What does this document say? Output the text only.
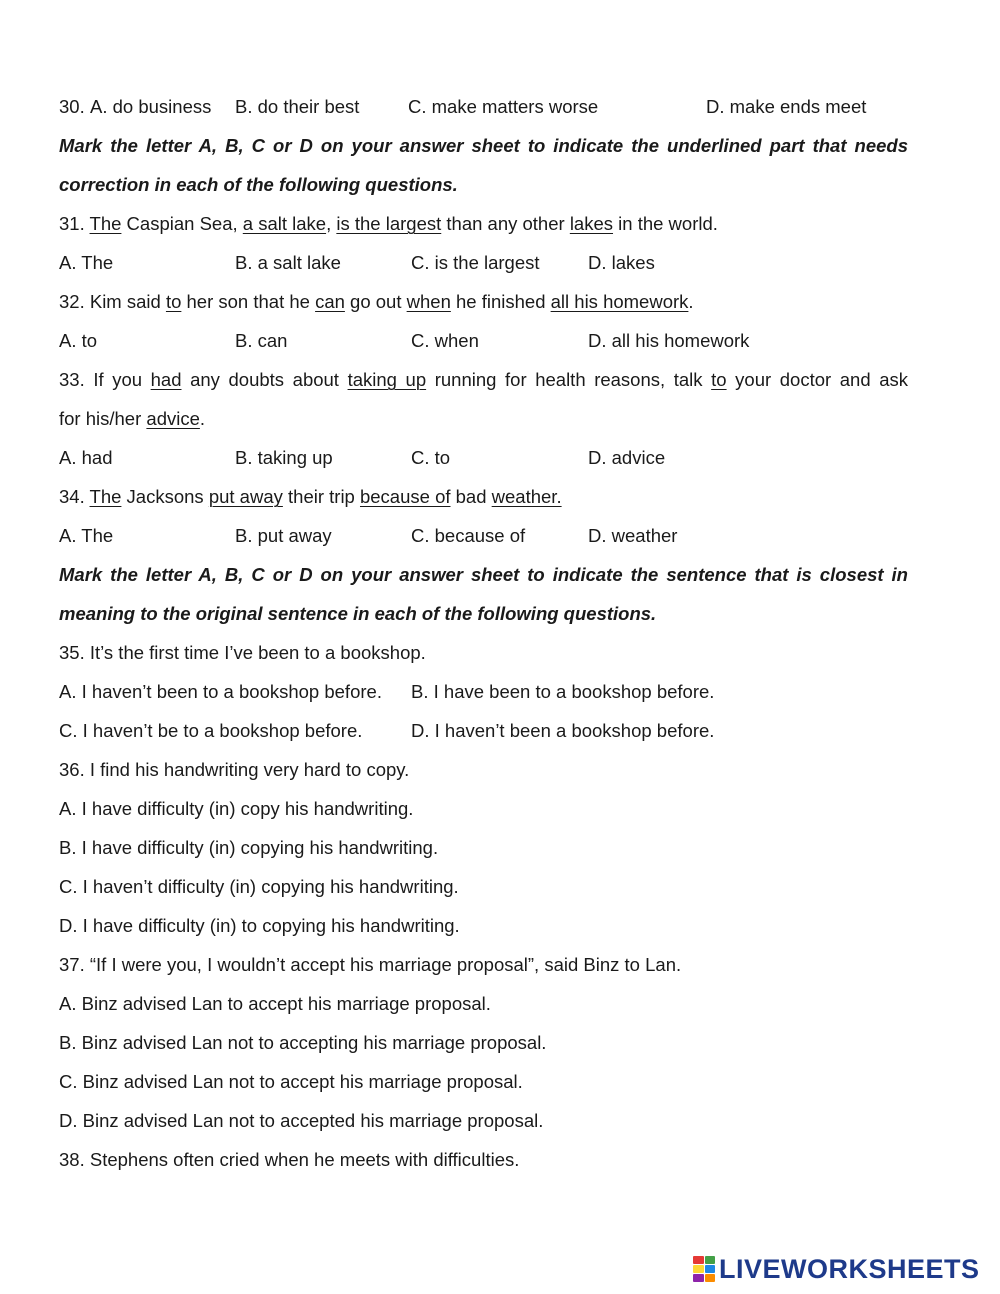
30. A. do business B. do their best	C. make matters worse	D. make ends meet
Mark the letter A, B, C or D on your answer sheet to indicate the underlined part that needs
correction in each of the following questions.
31. The Caspian Sea, a salt lake, is the largest than any other lakes in the world.
A. The	B. a salt lake	C. is the largest	D. lakes
32. Kim said to her son that he can go out when he finished all his homework.
A. to	B. can	C. when	D. all his homework
33. If you had any doubts about taking up running for health reasons, talk to your doctor and ask
for his/her advice.
A. had	B. taking up	C. to	D. advice
34. The Jacksons put away their trip because of bad weather.
A. The	B. put away	C. because of	D. weather
Mark the letter A, B, C or D on your answer sheet to indicate the sentence that is closest in
meaning to the original sentence in each of the following questions.
35. It’s the first time I’ve been to a bookshop.
A. I haven’t been to a bookshop before. B. I have been to a bookshop before.
C. I haven’t be to a bookshop before.	D. I haven’t been a bookshop before.
36. I find his handwriting very hard to copy.
A. I have difficulty (in) copy his handwriting.
B. I have difficulty (in) copying his handwriting.
C. I haven’t difficulty (in) copying his handwriting.
D. I have difficulty (in) to copying his handwriting.
37. “If I were you, I wouldn’t accept his marriage proposal”, said Binz to Lan.
A. Binz advised Lan to accept his marriage proposal.
B. Binz advised Lan not to accepting his marriage proposal.
C. Binz advised Lan not to accept his marriage proposal.
D. Binz advised Lan not to accepted his marriage proposal.
38. Stephens often cried when he meets with difficulties.
LIVEWORKSHEETS
